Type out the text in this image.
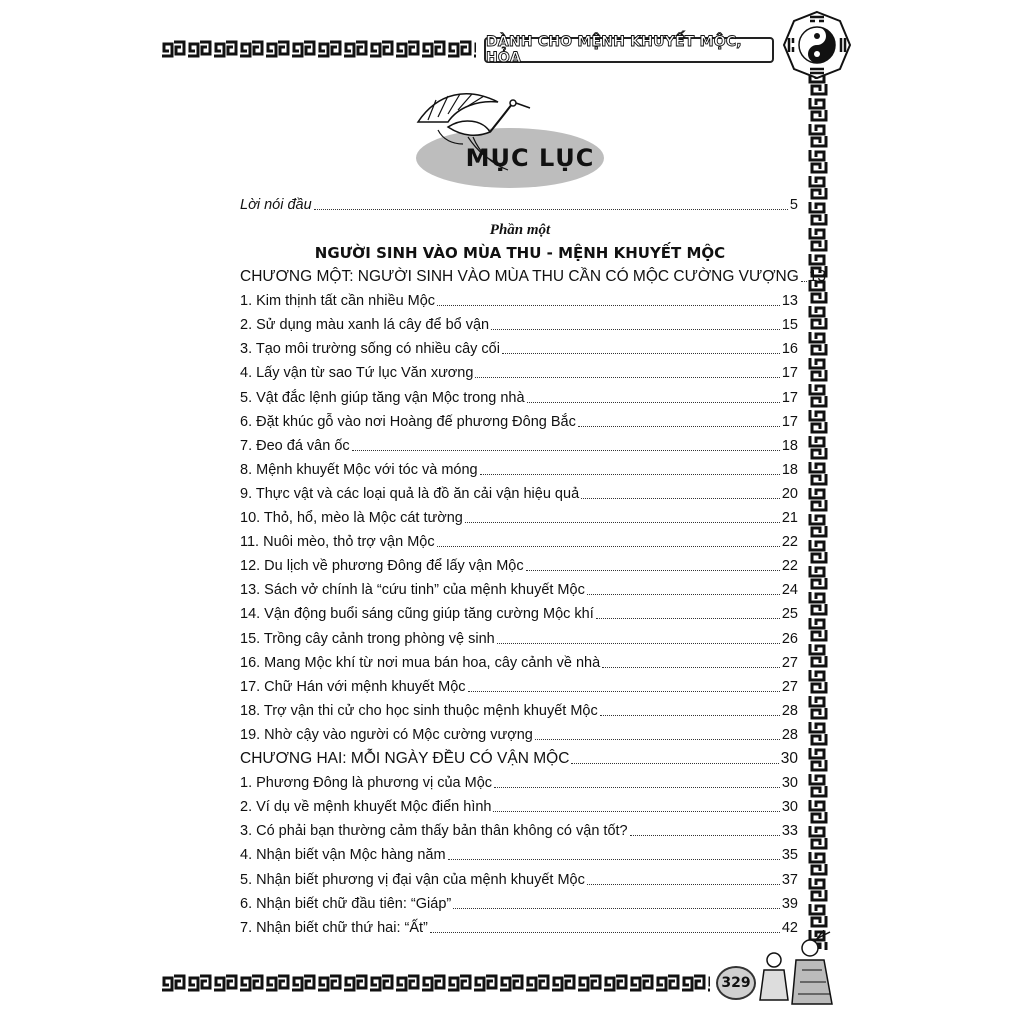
DÀNH CHO MỆNH KHUYẾT MỘC, HỎA
MỤC LỤC
Lời nói đầu	5
Phần một
NGƯỜI SINH VÀO MÙA THU - MỆNH KHUYẾT MỘC
CHƯƠNG MỘT: NGƯỜI SINH VÀO MÙA THU CẦN CÓ MỘC CƯỜNG VƯỢNG 13
1. Kim thịnh tất cần nhiều Mộc	13
2. Sử dụng màu xanh lá cây để bổ vận	15
3. Tạo môi trường sống có nhiều cây cối	16
4. Lấy vận từ sao Tứ lục Văn xương	17
5. Vật đắc lệnh giúp tăng vận Mộc trong nhà	17
6. Đặt khúc gỗ vào nơi Hoàng đế phương Đông Bắc	17
7. Đeo đá vân ốc	18
8. Mệnh khuyết Mộc với tóc và móng	18
9. Thực vật và các loại quả là đồ ăn cải vận hiệu quả	20
10. Thỏ, hổ, mèo là Mộc cát tường	21
11. Nuôi mèo, thỏ trợ vận Mộc	22
12. Du lịch về phương Đông để lấy vận Mộc	22
13. Sách vở chính là “cứu tinh” của mệnh khuyết Mộc	24
14. Vận động buổi sáng cũng giúp tăng cường Mộc khí	25
15. Trồng cây cảnh trong phòng vệ sinh	26
16. Mang Mộc khí từ nơi mua bán hoa, cây cảnh về nhà	27
17. Chữ Hán với mệnh khuyết Mộc	27
18. Trợ vận thi cử cho học sinh thuộc mệnh khuyết Mộc	28
19. Nhờ cậy vào người có Mộc cường vượng	28
CHƯƠNG HAI: MỖI NGÀY ĐỀU CÓ VẬN MỘC	30
1. Phương Đông là phương vị của Mộc	30
2. Ví dụ về mệnh khuyết Mộc điển hình	30
3. Có phải bạn thường cảm thấy bản thân không có vận tốt?	33
4. Nhận biết vận Mộc hàng năm	35
5. Nhận biết phương vị đại vận của mệnh khuyết Mộc	37
6. Nhận biết chữ đầu tiên: “Giáp”	39
7. Nhận biết chữ thứ hai: “Ất”	42
329
